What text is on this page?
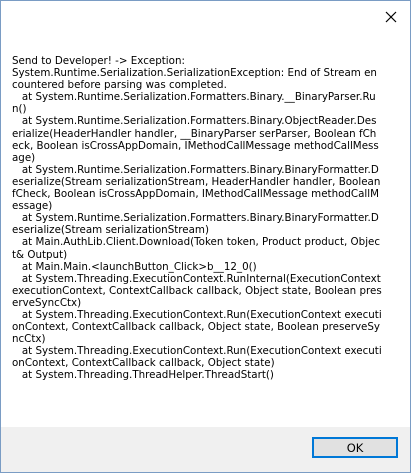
Send to Developer! -> Exception:
System.Runtime.Serialization.SerializationException: End of Stream encountered before parsing was completed.
at System.Runtime.Serialization.Formatters.Binary.__BinaryParser.Run()
at System.Runtime.Serialization.Formatters.Binary.ObjectReader.Deserialize(HeaderHandler handler, __BinaryParser serParser, Boolean fCheck, Boolean isCrossAppDomain, IMethodCallMessage methodCallMessage)
at System.Runtime.Serialization.Formatters.Binary.BinaryFormatter.Deserialize(Stream serializationStream, HeaderHandler handler, Boolean fCheck, Boolean isCrossAppDomain, IMethodCallMessage methodCallMessage)
at System.Runtime.Serialization.Formatters.Binary.BinaryFormatter.Deserialize(Stream serializationStream)
at Main.AuthLib.Client.Download(Token token, Product product, Object& Output)
at Main.Main.<launchButton_Click>b__12_0()
at System.Threading.ExecutionContext.RunInternal(ExecutionContext executionContext, ContextCallback callback, Object state, Boolean preserveSyncCtx)
at System.Threading.ExecutionContext.Run(ExecutionContext executionContext, ContextCallback callback, Object state, Boolean preserveSyncCtx)
at System.Threading.ExecutionContext.Run(ExecutionContext executionContext, ContextCallback callback, Object state)
at System.Threading.ThreadHelper.ThreadStart()
OK
